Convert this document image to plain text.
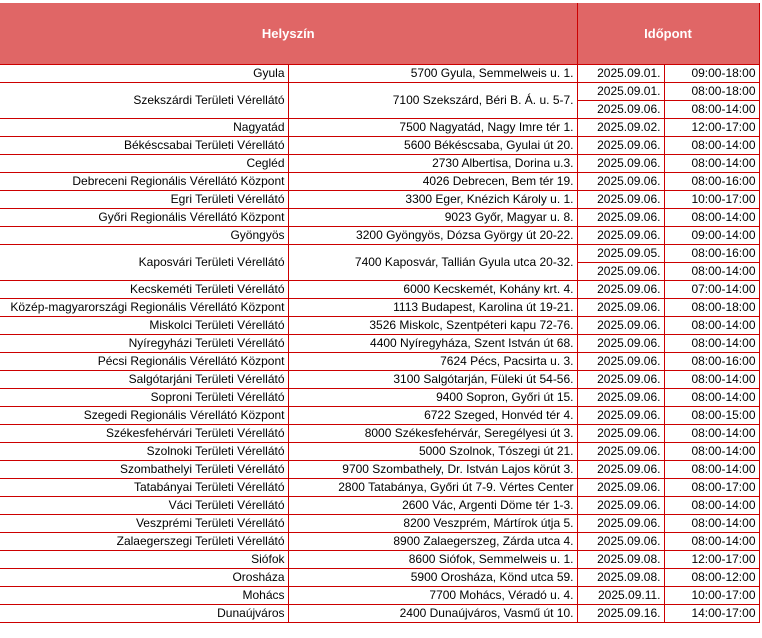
Helyszín		Időpont	
Gyula	5700 Gyula, Semmelweis u. 1.	2025.09.01.	09:00-18:00
Szekszárdi Területi Vérellátó	7100 Szekszárd, Béri B. Á. u. 5-7.	2025.09.01.	08:00-18:00
		2025.09.06.	08:00-14:00
Nagyatád	7500 Nagyatád, Nagy Imre tér 1.	2025.09.02.	12:00-17:00
Békéscsabai Területi Vérellátó	5600 Békéscsaba, Gyulai út 20.	2025.09.06.	08:00-14:00
Cegléd	2730 Albertisa, Dorina u.3.	2025.09.06.	08:00-14:00
Debreceni Regionális Vérellátó Központ	4026 Debrecen, Bem tér 19.	2025.09.06.	08:00-16:00
Egri Területi Vérellátó	3300 Eger, Knézich Károly u. 1.	2025.09.06.	10:00-17:00
Győri Regionális Vérellátó Központ	9023 Győr, Magyar u. 8.	2025.09.06.	08:00-14:00
Gyöngyös	3200 Gyöngyös, Dózsa György út 20-22.	2025.09.06.	09:00-14:00
Kaposvári Területi Vérellátó	7400 Kaposvár, Tallián Gyula utca 20-32.	2025.09.05.	08:00-16:00
		2025.09.06.	08:00-14:00
Kecskeméti Területi Vérellátó	6000 Kecskemét, Kohány krt. 4.	2025.09.06.	07:00-14:00
Közép-magyarországi Regionális Vérellátó Központ	1113 Budapest, Karolina út 19-21.	2025.09.06.	08:00-18:00
Miskolci Területi Vérellátó	3526 Miskolc, Szentpéteri kapu 72-76.	2025.09.06.	08:00-14:00
Nyíregyházi Területi Vérellátó	4400 Nyíregyháza, Szent István út 68.	2025.09.06.	08:00-14:00
Pécsi Regionális Vérellátó Központ	7624 Pécs, Pacsirta u. 3.	2025.09.06.	08:00-16:00
Salgótarjáni Területi Vérellátó	3100 Salgótarján, Füleki út 54-56.	2025.09.06.	08:00-14:00
Soproni Területi Vérellátó	9400 Sopron, Győri út 15.	2025.09.06.	08:00-14:00
Szegedi Regionális Vérellátó Központ	6722 Szeged, Honvéd tér 4.	2025.09.06.	08:00-15:00
Székesfehérvári Területi Vérellátó	8000 Székesfehérvár, Seregélyesi út 3.	2025.09.06.	08:00-14:00
Szolnoki Területi Vérellátó	5000 Szolnok, Tószegi út 21.	2025.09.06.	08:00-14:00
Szombathelyi Területi Vérellátó	9700 Szombathely, Dr. István Lajos körút 3.	2025.09.06.	08:00-14:00
Tatabányai Területi Vérellátó	2800 Tatabánya, Győri út 7-9. Vértes Center	2025.09.06.	08:00-17:00
Váci Területi Vérellátó	2600 Vác, Argenti Döme tér 1-3.	2025.09.06.	08:00-14:00
Veszprémi Területi Vérellátó	8200 Veszprém, Mártírok útja 5.	2025.09.06.	08:00-14:00
Zalaegerszegi Területi Vérellátó	8900 Zalaegerszeg, Zárda utca 4.	2025.09.06.	08:00-14:00
Siófok	8600 Siófok, Semmelweis u. 1.	2025.09.08.	12:00-17:00
Orosháza	5900 Orosháza, Könd utca 59.	2025.09.08.	08:00-12:00
Mohács	7700 Mohács, Véradó u. 4.	2025.09.11.	10:00-17:00
Dunaújváros	2400 Dunaújváros, Vasmű út 10.	2025.09.16.	14:00-17:00
